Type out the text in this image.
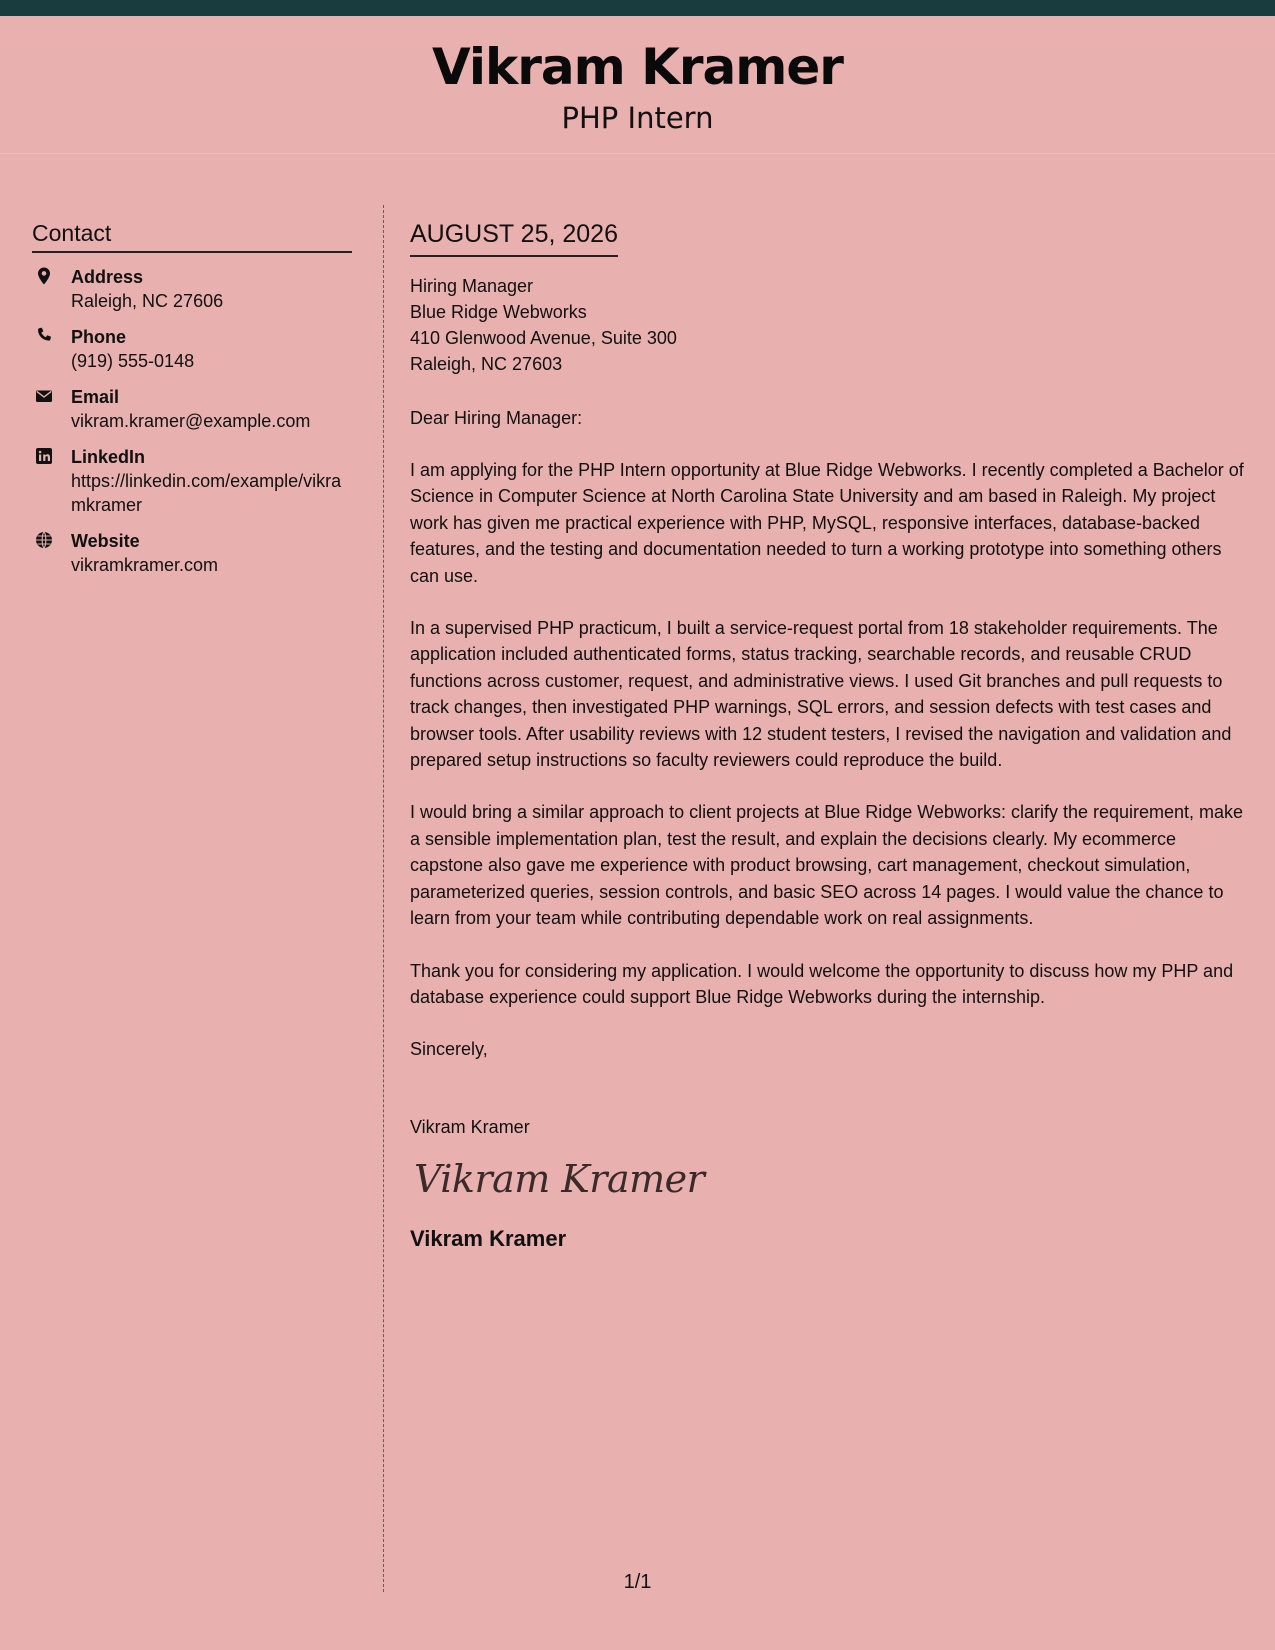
Vikram Kramer
PHP Intern
Contact
Address
Raleigh, NC 27606
Phone
(919) 555-0148
Email
vikram.kramer@example.com
LinkedIn
https://linkedin.com/example/vikramkramer
Website
vikramkramer.com
AUGUST 25, 2026
Hiring Manager
Blue Ridge Webworks
410 Glenwood Avenue, Suite 300
Raleigh, NC 27603
Dear Hiring Manager:

I am applying for the PHP Intern opportunity at Blue Ridge Webworks. I recently completed a Bachelor of Science in Computer Science at North Carolina State University and am based in Raleigh. My project work has given me practical experience with PHP, MySQL, responsive interfaces, database-backed features, and the testing and documentation needed to turn a working prototype into something others can use.

In a supervised PHP practicum, I built a service-request portal from 18 stakeholder requirements. The application included authenticated forms, status tracking, searchable records, and reusable CRUD functions across customer, request, and administrative views. I used Git branches and pull requests to track changes, then investigated PHP warnings, SQL errors, and session defects with test cases and browser tools. After usability reviews with 12 student testers, I revised the navigation and validation and prepared setup instructions so faculty reviewers could reproduce the build.

I would bring a similar approach to client projects at Blue Ridge Webworks: clarify the requirement, make a sensible implementation plan, test the result, and explain the decisions clearly. My ecommerce capstone also gave me experience with product browsing, cart management, checkout simulation, parameterized queries, session controls, and basic SEO across 14 pages. I would value the chance to learn from your team while contributing dependable work on real assignments.

Thank you for considering my application. I would welcome the opportunity to discuss how my PHP and database experience could support Blue Ridge Webworks during the internship.

Sincerely,
Vikram Kramer
Vikram Kramer
Vikram Kramer
1/1
